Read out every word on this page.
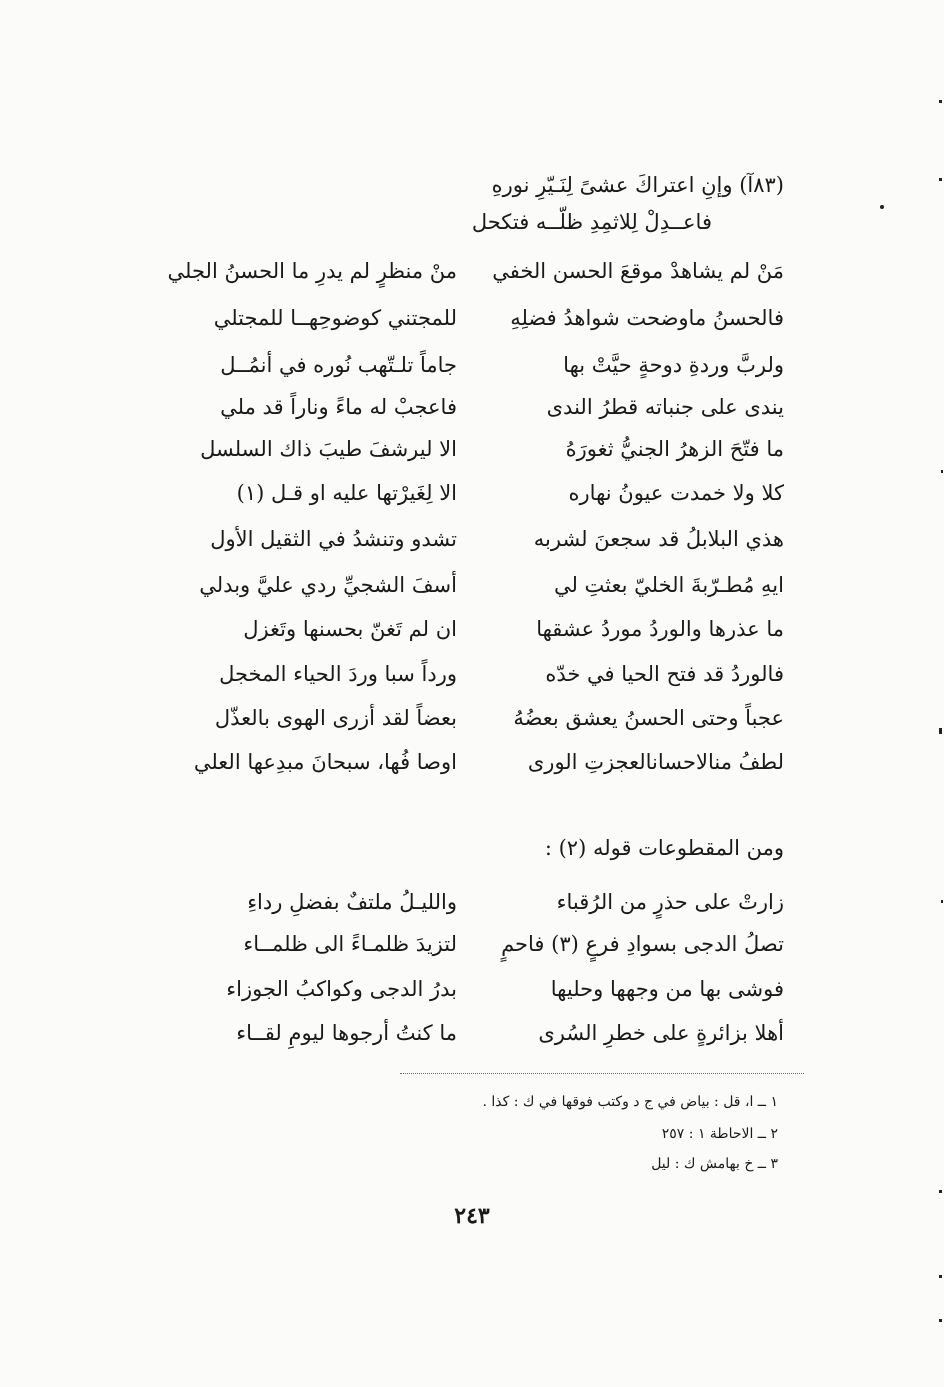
(٨٣آ) وإنِ اعتراكَ عشىً لِنَـيّرِ نورهِ
فاعــدِلْ لِلاثمِدِ ظلّــه فتكحل
مَنْ لم يشاهدْ موقعَ الحسن الخفي
منْ منظرٍ لم يدرِ ما الحسنُ الجلي
فالحسنُ ماوضحت شواهدُ فضلِهِ
للمجتني كوضوحِهــا للمجتلي
ولربَّ وردةِ دوحةٍ حيَّتْ بها
جاماً تلـتّهب نُوره في أنمُــل
يندى على جنباته قطرُ الندى
فاعجبْ له ماءً وناراً قد ملي
ما فتّحَ الزهرُ الجنيُّ ثغورَهُ
الا ليرشفَ طيبَ ذاك السلسل
كلا ولا خمدت عيونُ نهاره
الا لِغَيرْتها عليه او قـل (١)
هذي البلابلُ قد سجعنَ لشربه
تشدو وتنشدُ في الثقيل الأول
ايهِ مُطـرّبةَ الخليّ بعثتِ لي
أسفَ الشجيِّ ردي عليَّ وبدلي
ما عذرها والوردُ موردُ عشقها
ان لم تَغنّ بحسنها وتَغزل
فالوردُ قد فتح الحيا في خدّه
ورداً سبا وردَ الحياء المخجل
عجباً وحتى الحسنُ يعشق بعضُهُ
بعضاً لقد أزرى الهوى بالعذّل
لطفُ منالاحسانالعجزتِ الورى
اوصا فُها، سبحانَ مبدِعها العلي
ومن المقطوعات قوله (٢) :
زارتْ على حذرٍ من الرُقباء
والليـلُ ملتفٌ بفضلِ رداءِ
تصلُ الدجى بسوادِ فرعٍ (٣) فاحمٍ
لتزيدَ ظلمـاءً الى ظلمــاء
فوشى بها من وجهها وحليها
بدرُ الدجى وكواكبُ الجوزاء
أهلا بزائرةٍ على خطرِ السُرى
ما كنتُ أرجوها ليومِ لقــاء
١ ــ ا، قل : بياض في ج د وكتب فوقها في ك : كذا .
٢ ــ الاحاطة ١ : ٢٥٧
٣ ــ خ بهامش ك : ليل
٢٤٣
